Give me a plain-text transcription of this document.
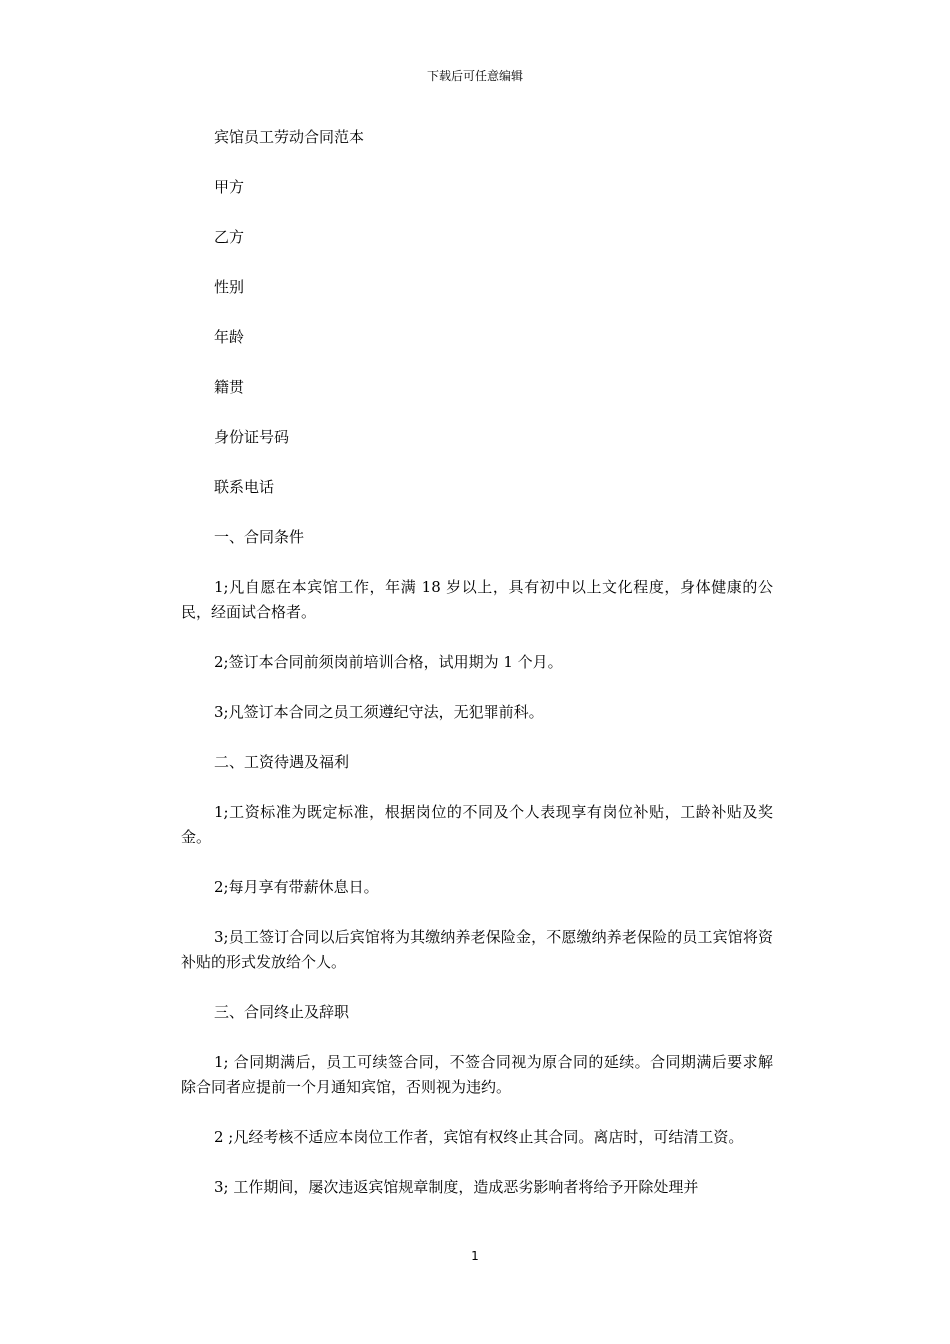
下载后可任意编辑

宾馆员工劳动合同范本

甲方

乙方

性别

年龄

籍贯

身份证号码

联系电话

一、合同条件

1;凡自愿在本宾馆工作，年满 18 岁以上，具有初中以上文化程度，身体健康的公民，经面试合格者。

2;签订本合同前须岗前培训合格，试用期为 1 个月。

3;凡签订本合同之员工须遵纪守法，无犯罪前科。

二、工资待遇及福利

1;工资标准为既定标准，根据岗位的不同及个人表现享有岗位补贴，工龄补贴及奖金。

2;每月享有带薪休息日。

3;员工签订合同以后宾馆将为其缴纳养老保险金，不愿缴纳养老保险的员工宾馆将资补贴的形式发放给个人。

三、合同终止及辞职

1; 合同期满后，员工可续签合同，不签合同视为原合同的延续。合同期满后要求解除合同者应提前一个月通知宾馆，否则视为违约。

2 ;凡经考核不适应本岗位工作者，宾馆有权终止其合同。离店时，可结清工资。

3; 工作期间，屡次违返宾馆规章制度，造成恶劣影响者将给予开除处理并

1
